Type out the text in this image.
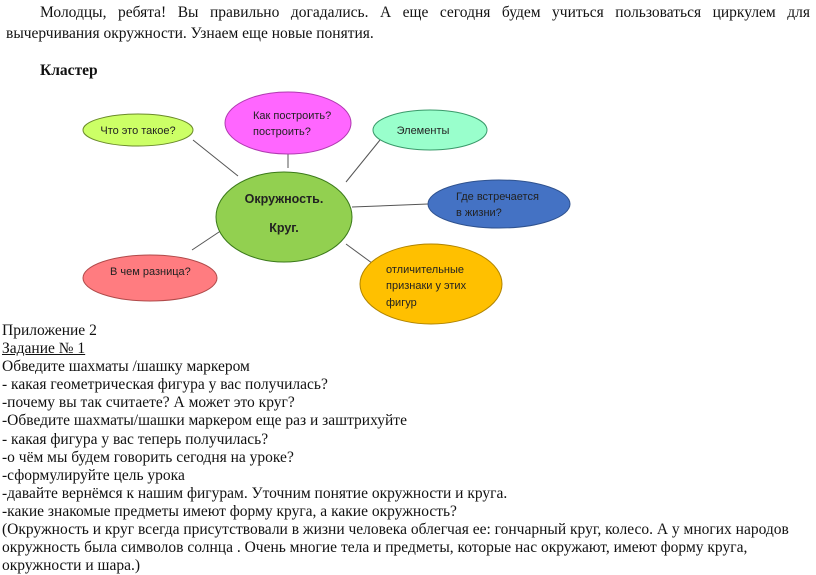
Молодцы, ребята! Вы правильно догадались. А еще сегодня будем учиться пользоваться циркулем для вычерчивания окружности. Узнаем еще новые понятия.

Кластер

Окружность.
Круг.
Что это такое?
Как построить?
построить?	Элементы
Где встречается
в жизни?
отличительные
признаки у этих
фигур
В чем разница?
Приложение 2
Задание № 1
Обведите шахматы /шашку маркером
- какая геометрическая фигура у вас получилась?
-почему вы так считаете? А может это круг?
-Обведите шахматы/шашки маркером еще раз и заштрихуйте
- какая фигура у вас теперь получилась?
-о чём мы будем говорить сегодня на уроке?
-сформулируйте цель урока
-давайте вернёмся к нашим фигурам. Уточним понятие окружности и круга.
-какие знакомые предметы имеют форму круга, а какие окружность?
(Окружность и круг всегда присутствовали в жизни человека облегчая ее: гончарный круг, колесо. А у многих народов
окружность была символов солнца . Очень многие тела и предметы, которые нас окружают, имеют форму круга,
окружности и шара.)
